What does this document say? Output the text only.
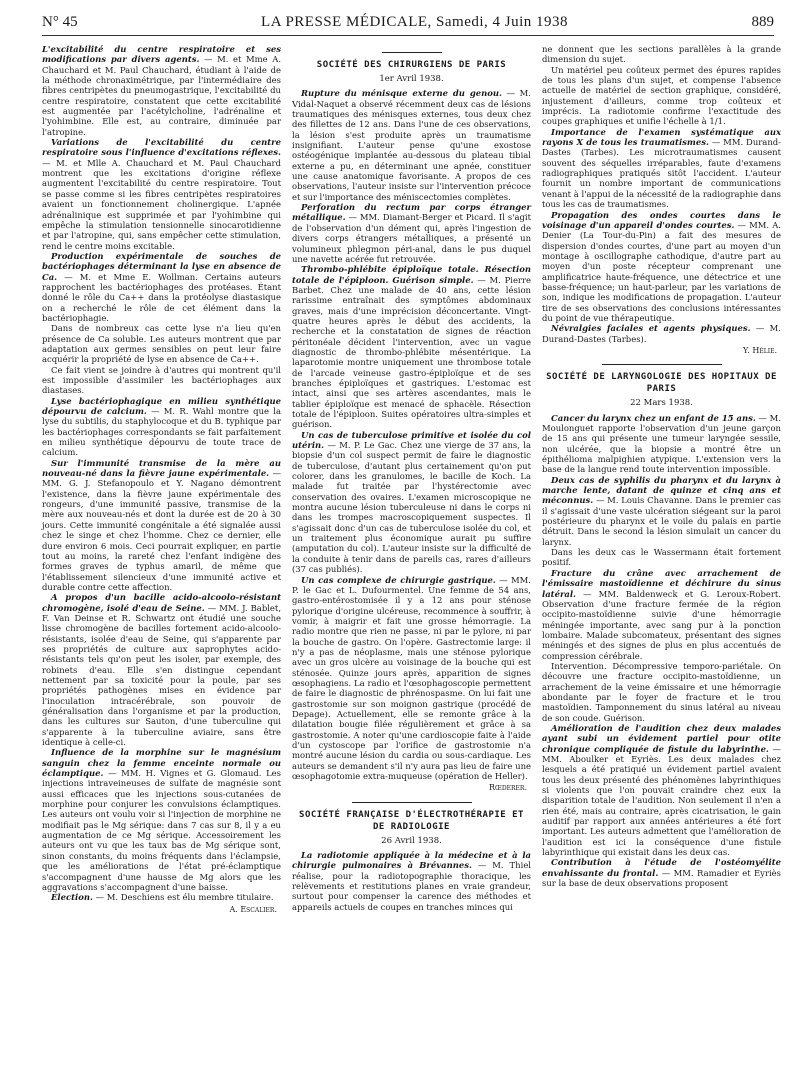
N° 45	LA PRESSE MÉDICALE, Samedi, 4 Juin 1938	889

L'excitabilité du centre respiratoire et ses modifications par divers agents. — M. et Mme A. Chauchard et M. Paul Chauchard, étudiant à l'aide de la méthode chronaximétrique, par l'intermédiaire des fibres centripètes du pneumogastrique, l'excitabilité du centre respiratoire, constatent que cette excitabilité est augmentée par l'acétylcholine, l'adrénaline et l'yohimbine. Elle est, au contraire, diminuée par l'atropine.

Variations de l'excitabilité du centre respiratoire sous l'influence d'excitations réflexes. — M. et Mlle A. Chauchard et M. Paul Chauchard montrent que les excitations d'origine réflexe augmentent l'excitabilité du centre respiratoire. Tout se passe comme si les fibres centripètes respiratoires avaient un fonctionnement cholinergique. L'apnée adrénalinique est supprimée et par l'yohimbine qui empêche la stimulation tensionnelle sinocarotidienne et par l'atropine, qui, sans empêcher cette stimulation, rend le centre moins excitable.

Production expérimentale de souches de bactériophages déterminant la lyse en absence de Ca. — M. et Mme E. Wollman. Certains auteurs rapprochent les bactériophages des protéases. Étant donné le rôle du Ca++ dans la protéolyse diastasique on a recherché le rôle de cet élément dans la bactériophagie.

Dans de nombreux cas cette lyse n'a lieu qu'en présence de Ca soluble. Les auteurs montrent que par adaptation aux germes sensibles on peut leur faire acquérir la propriété de lyse en absence de Ca++.

Ce fait vient se joindre à d'autres qui montrent qu'il est impossible d'assimiler les bactériophages aux diastases.

Lyse bactériophagique en milieu synthétique dépourvu de calcium. — M. R. Wahl montre que la lyse du subtilis, du staphylocoque et du B. typhique par les bactériophages correspondants se fait parfaitement en milieu synthétique dépourvu de toute trace de calcium.

Sur l'immunité transmise de la mère au nouveau-né dans la fièvre jaune expérimentale. — MM. G. J. Stefanopoulo et Y. Nagano démontrent l'existence, dans la fièvre jaune expérimentale des rongeurs, d'une immunité passive, transmise de la mère aux nouveau-nés et dont la durée est de 20 à 30 jours. Cette immunité congénitale a été signalée aussi chez le singe et chez l'homme. Chez ce dernier, elle dure environ 6 mois. Ceci pourrait expliquer, en partie tout au moins, la rareté chez l'enfant indigène des formes graves de typhus amaril, de même que l'établissement silencieux d'une immunité active et durable contre cette affection.

A propos d'un bacille acido-alcoolo-résistant chromogène, isolé d'eau de Seine. — MM. J. Bablet, F. Van Deinse et R. Schwartz ont étudié une souche lisse chromogène de bacilles fortement acido-alcoolo-résistants, isolée d'eau de Seine, qui s'apparente par ses propriétés de culture aux saprophytes acido-résistants tels qu'on peut les isoler, par exemple, des robinets d'eau. Elle s'en distingue cependant nettement par sa toxicité pour la poule, par ses propriétés pathogènes mises en évidence par l'inoculation intracérébrale, son pouvoir de généralisation dans l'organisme et par la production, dans les cultures sur Sauton, d'une tuberculine qui s'apparente à la tuberculine aviaire, sans être identique à celle-ci.

Influence de la morphine sur le magnésium sanguin chez la femme enceinte normale ou éclamptique. — MM. H. Vignes et G. Glomaud. Les injections intraveineuses de sulfate de magnésie sont aussi efficaces que les injections sous-cutanées de morphine pour conjurer les convulsions éclamptiques. Les auteurs ont voulu voir si l'injection de morphine ne modifiait pas le Mg sérique: dans 7 cas sur 8, il y a eu augmentation de ce Mg sérique. Accessoirement les auteurs ont vu que les taux bas de Mg sérique sont, sinon constants, du moins fréquents dans l'éclampsie, que les améliorations de l'état pré-éclamptique s'accompagnent d'une hausse de Mg alors que les aggravations s'accompagnent d'une baisse.

Élection. — M. Deschiens est élu membre titulaire.

A. Escalier.
SOCIÉTÉ DES CHIRURGIENS DE PARIS
1er Avril 1938.

Rupture du ménisque externe du genou. — M. Vidal-Naquet a observé récemment deux cas de lésions traumatiques des ménisques externes, tous deux chez des fillettes de 12 ans. Dans l'une de ces observations, la lésion s'est produite après un traumatisme insignifiant. L'auteur pense qu'une exostose ostéogénique implantée au-dessous du plateau tibial externe a pu, en déterminant une apnée, constituer une cause anatomique favorisante. A propos de ces observations, l'auteur insiste sur l'intervention précoce et sur l'importance des méniscectomies complètes.

Perforation du rectum par corps étranger métallique. — MM. Diamant-Berger et Picard. Il s'agit de l'observation d'un dément qui, après l'ingestion de divers corps étrangers métalliques, a présenté un volumineux phlegmon péri-anal, dans le pus duquel une navette acérée fut retrouvée.

Thrombo-phlébite épiploïque totale. Résection totale de l'épiploon. Guérison simple. — M. Pierre Barbet. Chez une malade de 40 ans, cette lésion rarissime entraînait des symptômes abdominaux graves, mais d'une imprécision déconcertante. Vingt-quatre heures après le début des accidents, la recherche et la constatation de signes de réaction péritonéale décident l'intervention, avec un vague diagnostic de thrombo-phlébite mésentérique. La laparotomie montre uniquement une thrombose totale de l'arcade veineuse gastro-épiploïque et de ses branches épiploïques et gastriques. L'estomac est intact, ainsi que ses artères ascendantes, mais le tablier épiploïque est menacé de sphacèle. Résection totale de l'épiploon. Suites opératoires ultra-simples et guérison.

Un cas de tuberculose primitive et isolée du col utérin. — M. P. Le Gac. Chez une vierge de 37 ans, la biopsie d'un col suspect permit de faire le diagnostic de tuberculose, d'autant plus certainement qu'on put colorer, dans les granulomes, le bacille de Koch. La malade fut traitée par l'hystérectomie avec conservation des ovaires. L'examen microscopique ne montra aucune lésion tuberculeuse ni dans le corps ni dans les trompes macroscopiquement suspectes. Il s'agissait donc d'un cas de tuberculose isolée du col, et un traitement plus économique aurait pu suffire (amputation du col). L'auteur insiste sur la difficulté de la conduite à tenir dans de pareils cas, rares d'ailleurs (37 cas publiés).

Un cas complexe de chirurgie gastrique. — MM. P. le Gac et L. Dufourmentel. Une femme de 54 ans, gastro-entérostomisée il y a 12 ans pour sténose pylorique d'origine ulcéreuse, recommence à souffrir, à vomir, à maigrir et fait une grosse hémorragie. La radio montre que rien ne passe, ni par le pylore, ni par la bouche de gastro. On l'opère. Gastrectomie large: il n'y a pas de néoplasme, mais une sténose pylorique avec un gros ulcère au voisinage de la bouche qui est sténosée. Quinze jours après, apparition de signes œsophagiens. La radio et l'œsophagoscopie permettent de faire le diagnostic de phrénospasme. On lui fait une gastrostomie sur son moignon gastrique (procédé de Depage). Actuellement, elle se remonte grâce à la dilatation bougie filée régulièrement et grâce à sa gastrostomie. A noter qu'une cardioscopie faite à l'aide d'un cystoscope par l'orifice de gastrostomie n'a montré aucune lésion du cardia ou sous-cardiaque. Les auteurs se demandent s'il n'y aura pas lieu de faire une œsophagotomie extra-muqueuse (opération de Heller).

Rœderer.
SOCIÉTÉ FRANÇAISE D'ÉLECTROTHÉRAPIE ET DE RADIOLOGIE
26 Avril 1938.

La radiotomie appliquée à la médecine et à la chirurgie pulmonaires à Brévannes. — M. Thiel réalise, pour la radiotopographie thoracique, les relèvements et restitutions planes en vraie grandeur, surtout pour compenser la carence des méthodes et appareils actuels de coupes en tranches minces qui

ne donnent que les sections parallèles à la grande dimension du sujet.

Un matériel peu coûteux permet des épures rapides de tous les plans d'un sujet, et compense l'absence actuelle de matériel de section graphique, considéré, injustement d'ailleurs, comme trop coûteux et imprécis. La radiotomie confirme l'exactitude des coupes graphiques et unifie l'échelle à 1/1.

Importance de l'examen systématique aux rayons X de tous les traumatismes. — MM. Durand-Dastes (Tarbes). Les microtraumatismes causent souvent des séquelles irréparables, faute d'examens radiographiques pratiqués sitôt l'accident. L'auteur fournit un nombre important de communications venant à l'appui de la nécessité de la radiographie dans tous les cas de traumatismes.

Propagation des ondes courtes dans le voisinage d'un appareil d'ondes courtes. — MM. A. Denier (La Tour-du-Pin) a fait des mesures de dispersion d'ondes courtes, d'une part au moyen d'un montage à oscillographe cathodique, d'autre part au moyen d'un poste récepteur comprenant une amplificatrice haute-fréquence, une détectrice et une basse-fréquence; un haut-parleur, par les variations de son, indique les modifications de propagation. L'auteur tire de ses observations des conclusions intéressantes du point de vue thérapeutique.

Névralgies faciales et agents physiques. — M. Durand-Dastes (Tarbes).

Y. Hélie.
SOCIÉTÉ DE LARYNGOLOGIE DES HOPITAUX DE PARIS
22 Mars 1938.

Cancer du larynx chez un enfant de 15 ans. — M. Moulonguet rapporte l'observation d'un jeune garçon de 15 ans qui présente une tumeur laryngée sessile, non ulcérée, que la biopsie a montré être un épithélioma malpighien atypique. L'extension vers la base de la langue rend toute intervention impossible.

Deux cas de syphilis du pharynx et du larynx à marche lente, datant de quinze et cinq ans et méconnus. — M. Louis Chavanne. Dans le premier cas il s'agissait d'une vaste ulcération siégeant sur la paroi postérieure du pharynx et le voile du palais en partie détruit. Dans le second la lésion simulait un cancer du larynx.

Dans les deux cas le Wassermann était fortement positif.

Fracture du crâne avec arrachement de l'émissaire mastoïdienne et déchirure du sinus latéral. — MM. Baldenweck et G. Leroux-Robert. Observation d'une fracture fermée de la région occipito-mastoïdienne suivie d'une hémorragie méningée importante, avec sang pur à la ponction lombaire. Malade subcomateux, présentant des signes méningés et des signes de plus en plus accentués de compression cérébrale.

Intervention. Décompressive temporo-pariétale. On découvre une fracture occipito-mastoïdienne, un arrachement de la veine émissaire et une hémorragie abondante par le foyer de fracture et le trou mastoïdien. Tamponnement du sinus latéral au niveau de son coude. Guérison.

Amélioration de l'audition chez deux malades ayant subi un évidement partiel pour otite chronique compliquée de fistule du labyrinthe. — MM. Aboulker et Eyriès. Les deux malades chez lesquels a été pratiqué un évidement partiel avaient tous les deux présenté des phénomènes labyrinthiques si violents que l'on pouvait craindre chez eux la disparition totale de l'audition. Non seulement il n'en a rien été, mais au contraire, après cicatrisation, le gain auditif par rapport aux années antérieures a été fort important. Les auteurs admettent que l'amélioration de l'audition est ici la conséquence d'une fistule labyrinthique qui existait dans les deux cas.

Contribution à l'étude de l'ostéomyélite envahissante du frontal. — MM. Ramadier et Eyriès sur la base de deux observations proposent
